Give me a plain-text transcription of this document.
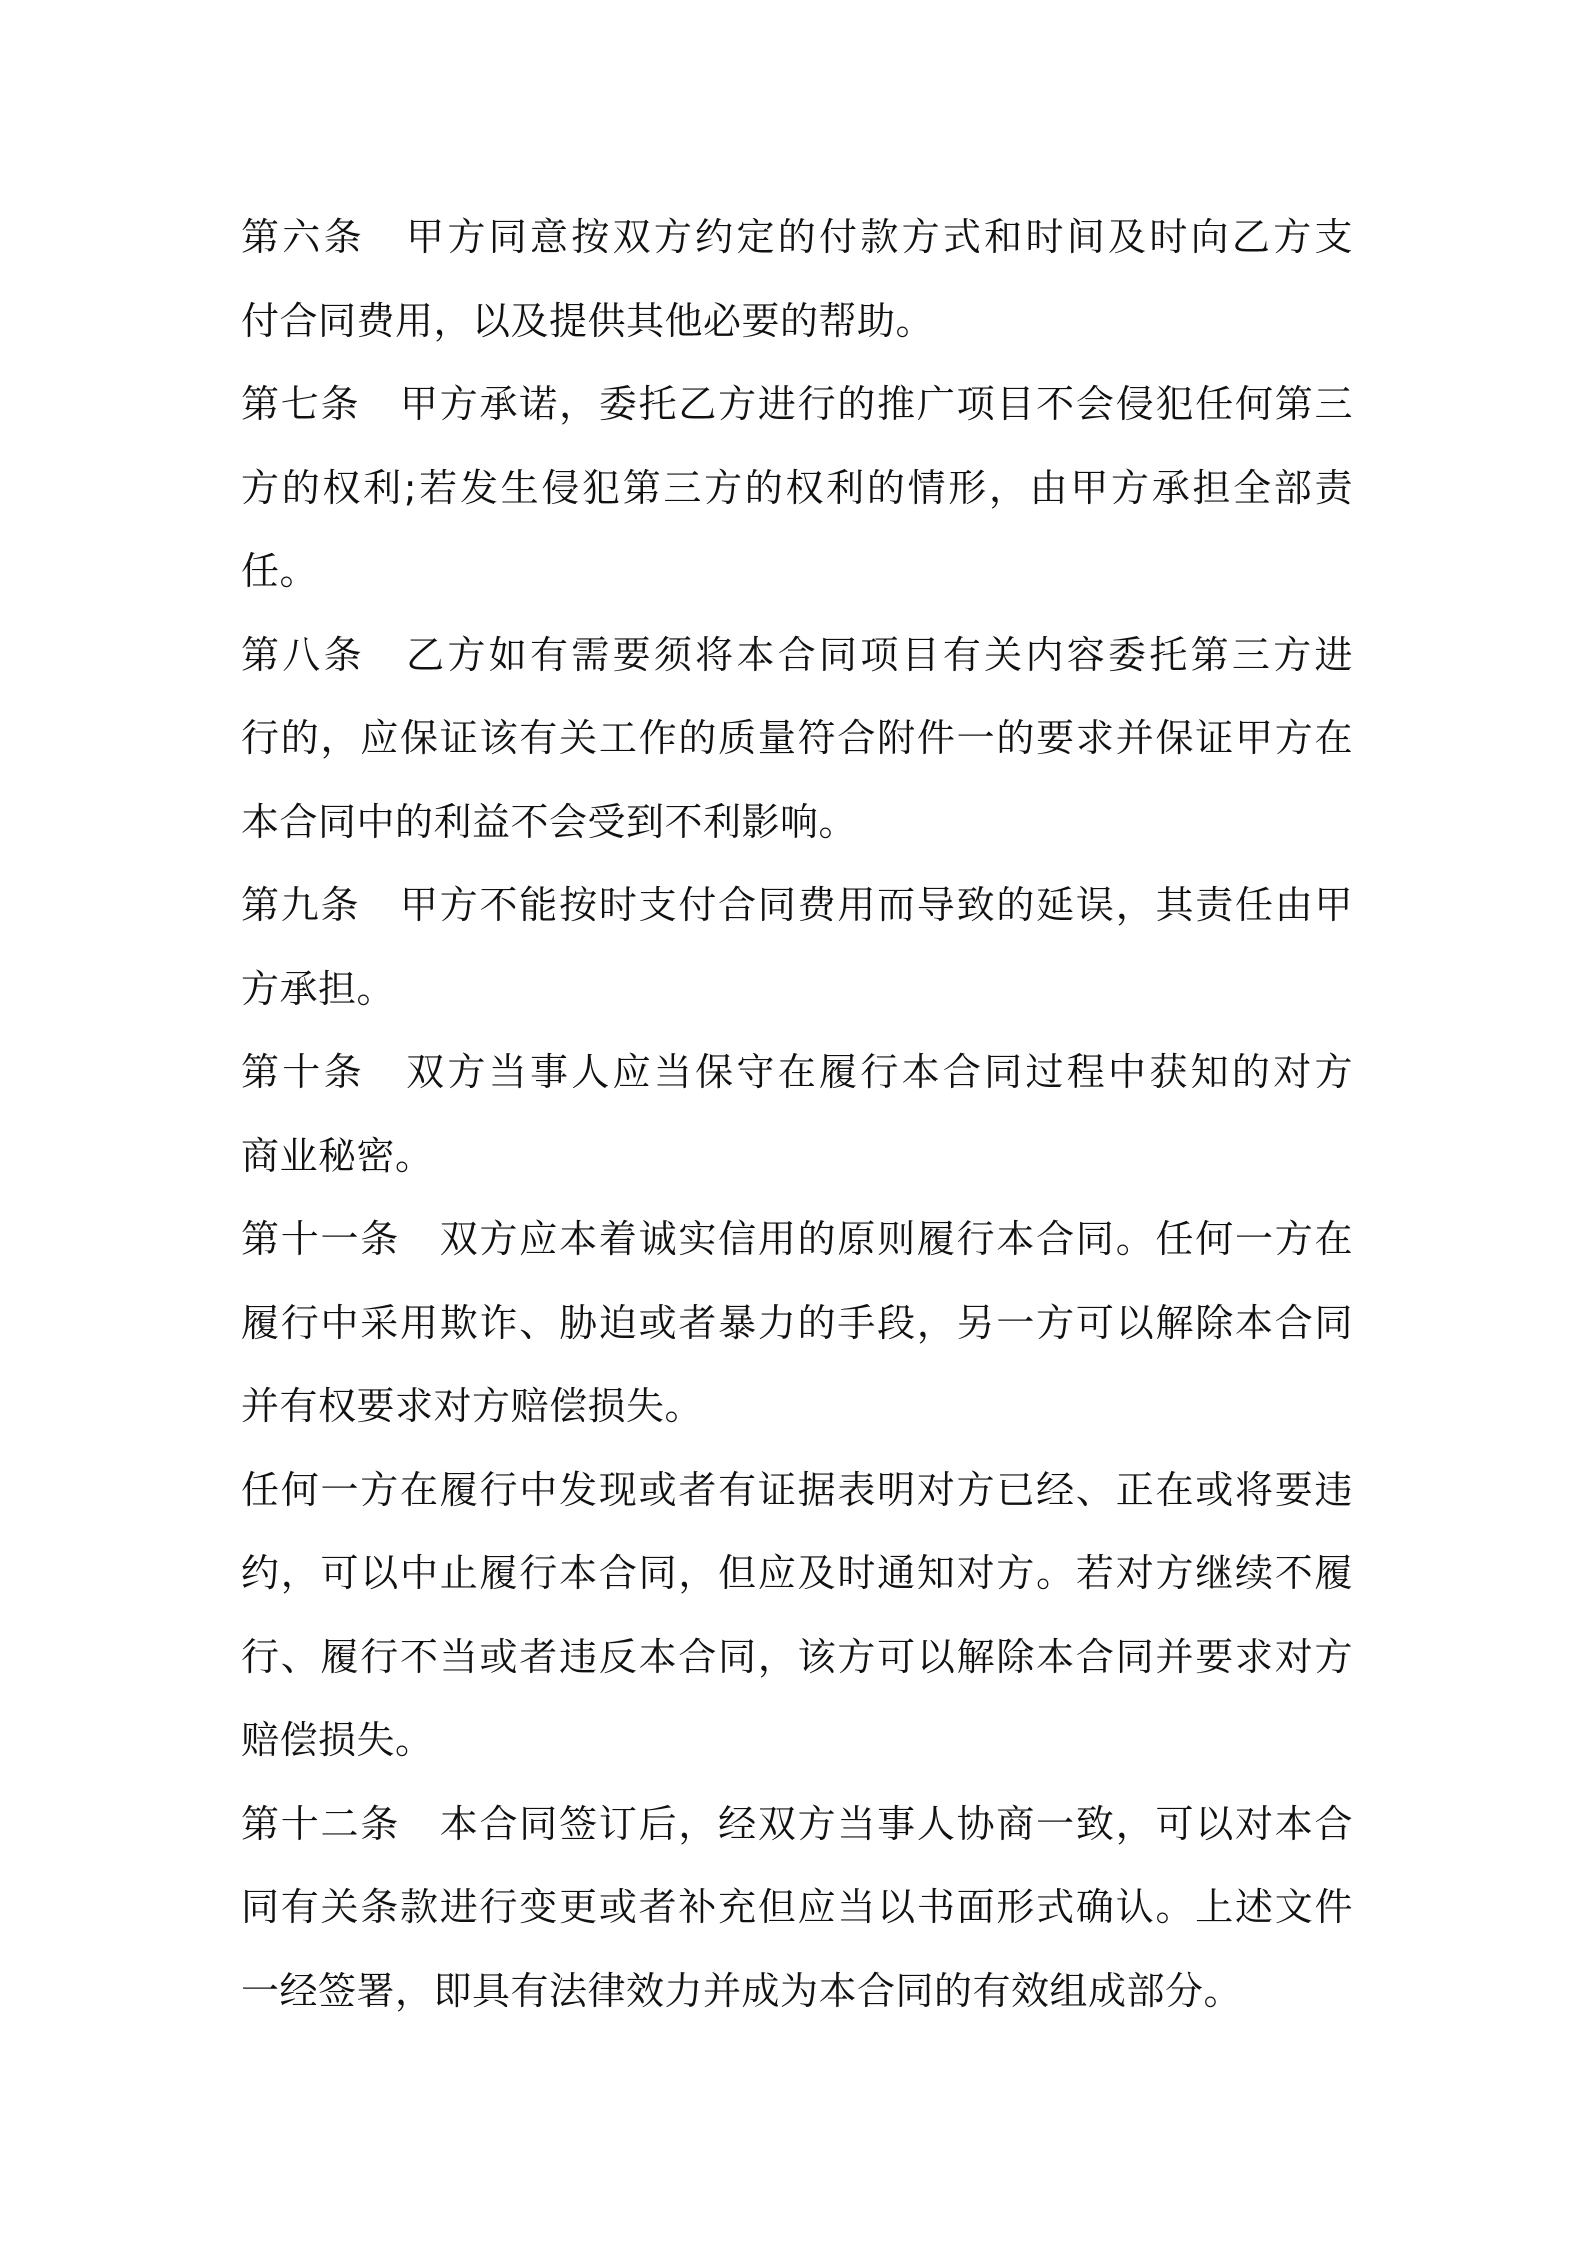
第六条　甲方同意按双方约定的付款方式和时间及时向乙方支
付合同费用，以及提供其他必要的帮助。
第七条　甲方承诺，委托乙方进行的推广项目不会侵犯任何第三
方的权利;若发生侵犯第三方的权利的情形，由甲方承担全部责
任。
第八条　乙方如有需要须将本合同项目有关内容委托第三方进
行的，应保证该有关工作的质量符合附件一的要求并保证甲方在
本合同中的利益不会受到不利影响。
第九条　甲方不能按时支付合同费用而导致的延误，其责任由甲
方承担。
第十条　双方当事人应当保守在履行本合同过程中获知的对方
商业秘密。
第十一条　双方应本着诚实信用的原则履行本合同。任何一方在
履行中采用欺诈、胁迫或者暴力的手段，另一方可以解除本合同
并有权要求对方赔偿损失。
任何一方在履行中发现或者有证据表明对方已经、正在或将要违
约，可以中止履行本合同，但应及时通知对方。若对方继续不履
行、履行不当或者违反本合同，该方可以解除本合同并要求对方
赔偿损失。
第十二条　本合同签订后，经双方当事人协商一致，可以对本合
同有关条款进行变更或者补充但应当以书面形式确认。上述文件
一经签署，即具有法律效力并成为本合同的有效组成部分。
